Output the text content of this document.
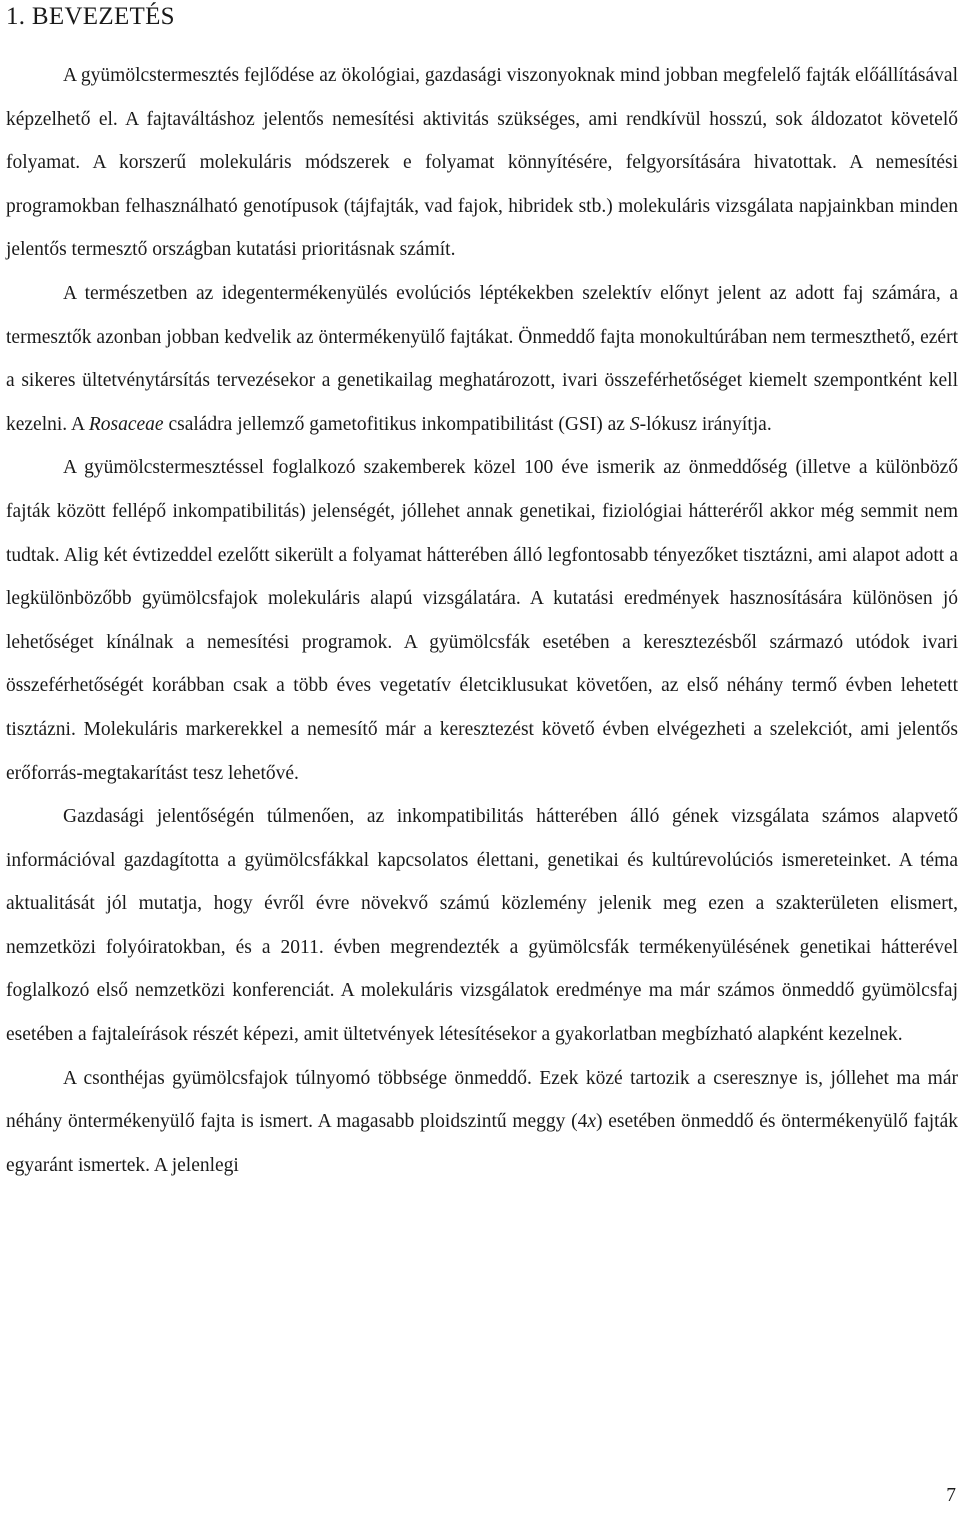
1. BEVEZETÉS

A gyümölcstermesztés fejlődése az ökológiai, gazdasági viszonyoknak mind jobban megfelelő fajták előállításával képzelhető el. A fajtaváltáshoz jelentős nemesítési aktivitás szükséges, ami rendkívül hosszú, sok áldozatot követelő folyamat. A korszerű molekuláris módszerek e folyamat könnyítésére, felgyorsítására hivatottak. A nemesítési programokban felhasználható genotípusok (tájfajták, vad fajok, hibridek stb.) molekuláris vizsgálata napjainkban minden jelentős termesztő országban kutatási prioritásnak számít.

A természetben az idegentermékenyülés evolúciós léptékekben szelektív előnyt jelent az adott faj számára, a termesztők azonban jobban kedvelik az öntermékenyülő fajtákat. Önmeddő fajta monokultúrában nem termeszthető, ezért a sikeres ültetvénytársítás tervezésekor a genetikailag meghatározott, ivari összeférhetőséget kiemelt szempontként kell kezelni. A Rosaceae családra jellemző gametofitikus inkompatibilitást (GSI) az S-lókusz irányítja.

A gyümölcstermesztéssel foglalkozó szakemberek közel 100 éve ismerik az önmeddőség (illetve a különböző fajták között fellépő inkompatibilitás) jelenségét, jóllehet annak genetikai, fiziológiai hátteréről akkor még semmit nem tudtak. Alig két évtizeddel ezelőtt sikerült a folyamat hátterében álló legfontosabb tényezőket tisztázni, ami alapot adott a legkülönbözőbb gyümölcsfajok molekuláris alapú vizsgálatára. A kutatási eredmények hasznosítására különösen jó lehetőséget kínálnak a nemesítési programok. A gyümölcsfák esetében a keresztezésből származó utódok ivari összeférhetőségét korábban csak a több éves vegetatív életciklusukat követően, az első néhány termő évben lehetett tisztázni. Molekuláris markerekkel a nemesítő már a keresztezést követő évben elvégezheti a szelekciót, ami jelentős erőforrás-megtakarítást tesz lehetővé.

Gazdasági jelentőségén túlmenően, az inkompatibilitás hátterében álló gének vizsgálata számos alapvető információval gazdagította a gyümölcsfákkal kapcsolatos élettani, genetikai és kultúrevolúciós ismereteinket. A téma aktualitását jól mutatja, hogy évről évre növekvő számú közlemény jelenik meg ezen a szakterületen elismert, nemzetközi folyóiratokban, és a 2011. évben megrendezték a gyümölcsfák termékenyülésének genetikai hátterével foglalkozó első nemzetközi konferenciát. A molekuláris vizsgálatok eredménye ma már számos önmeddő gyümölcsfaj esetében a fajtaleírások részét képezi, amit ültetvények létesítésekor a gyakorlatban megbízható alapként kezelnek.

A csonthéjas gyümölcsfajok túlnyomó többsége önmeddő. Ezek közé tartozik a cseresznye is, jóllehet ma már néhány öntermékenyülő fajta is ismert. A magasabb ploidszintű meggy (4x) esetében önmeddő és öntermékenyülő fajták egyaránt ismertek. A jelenlegi

7
